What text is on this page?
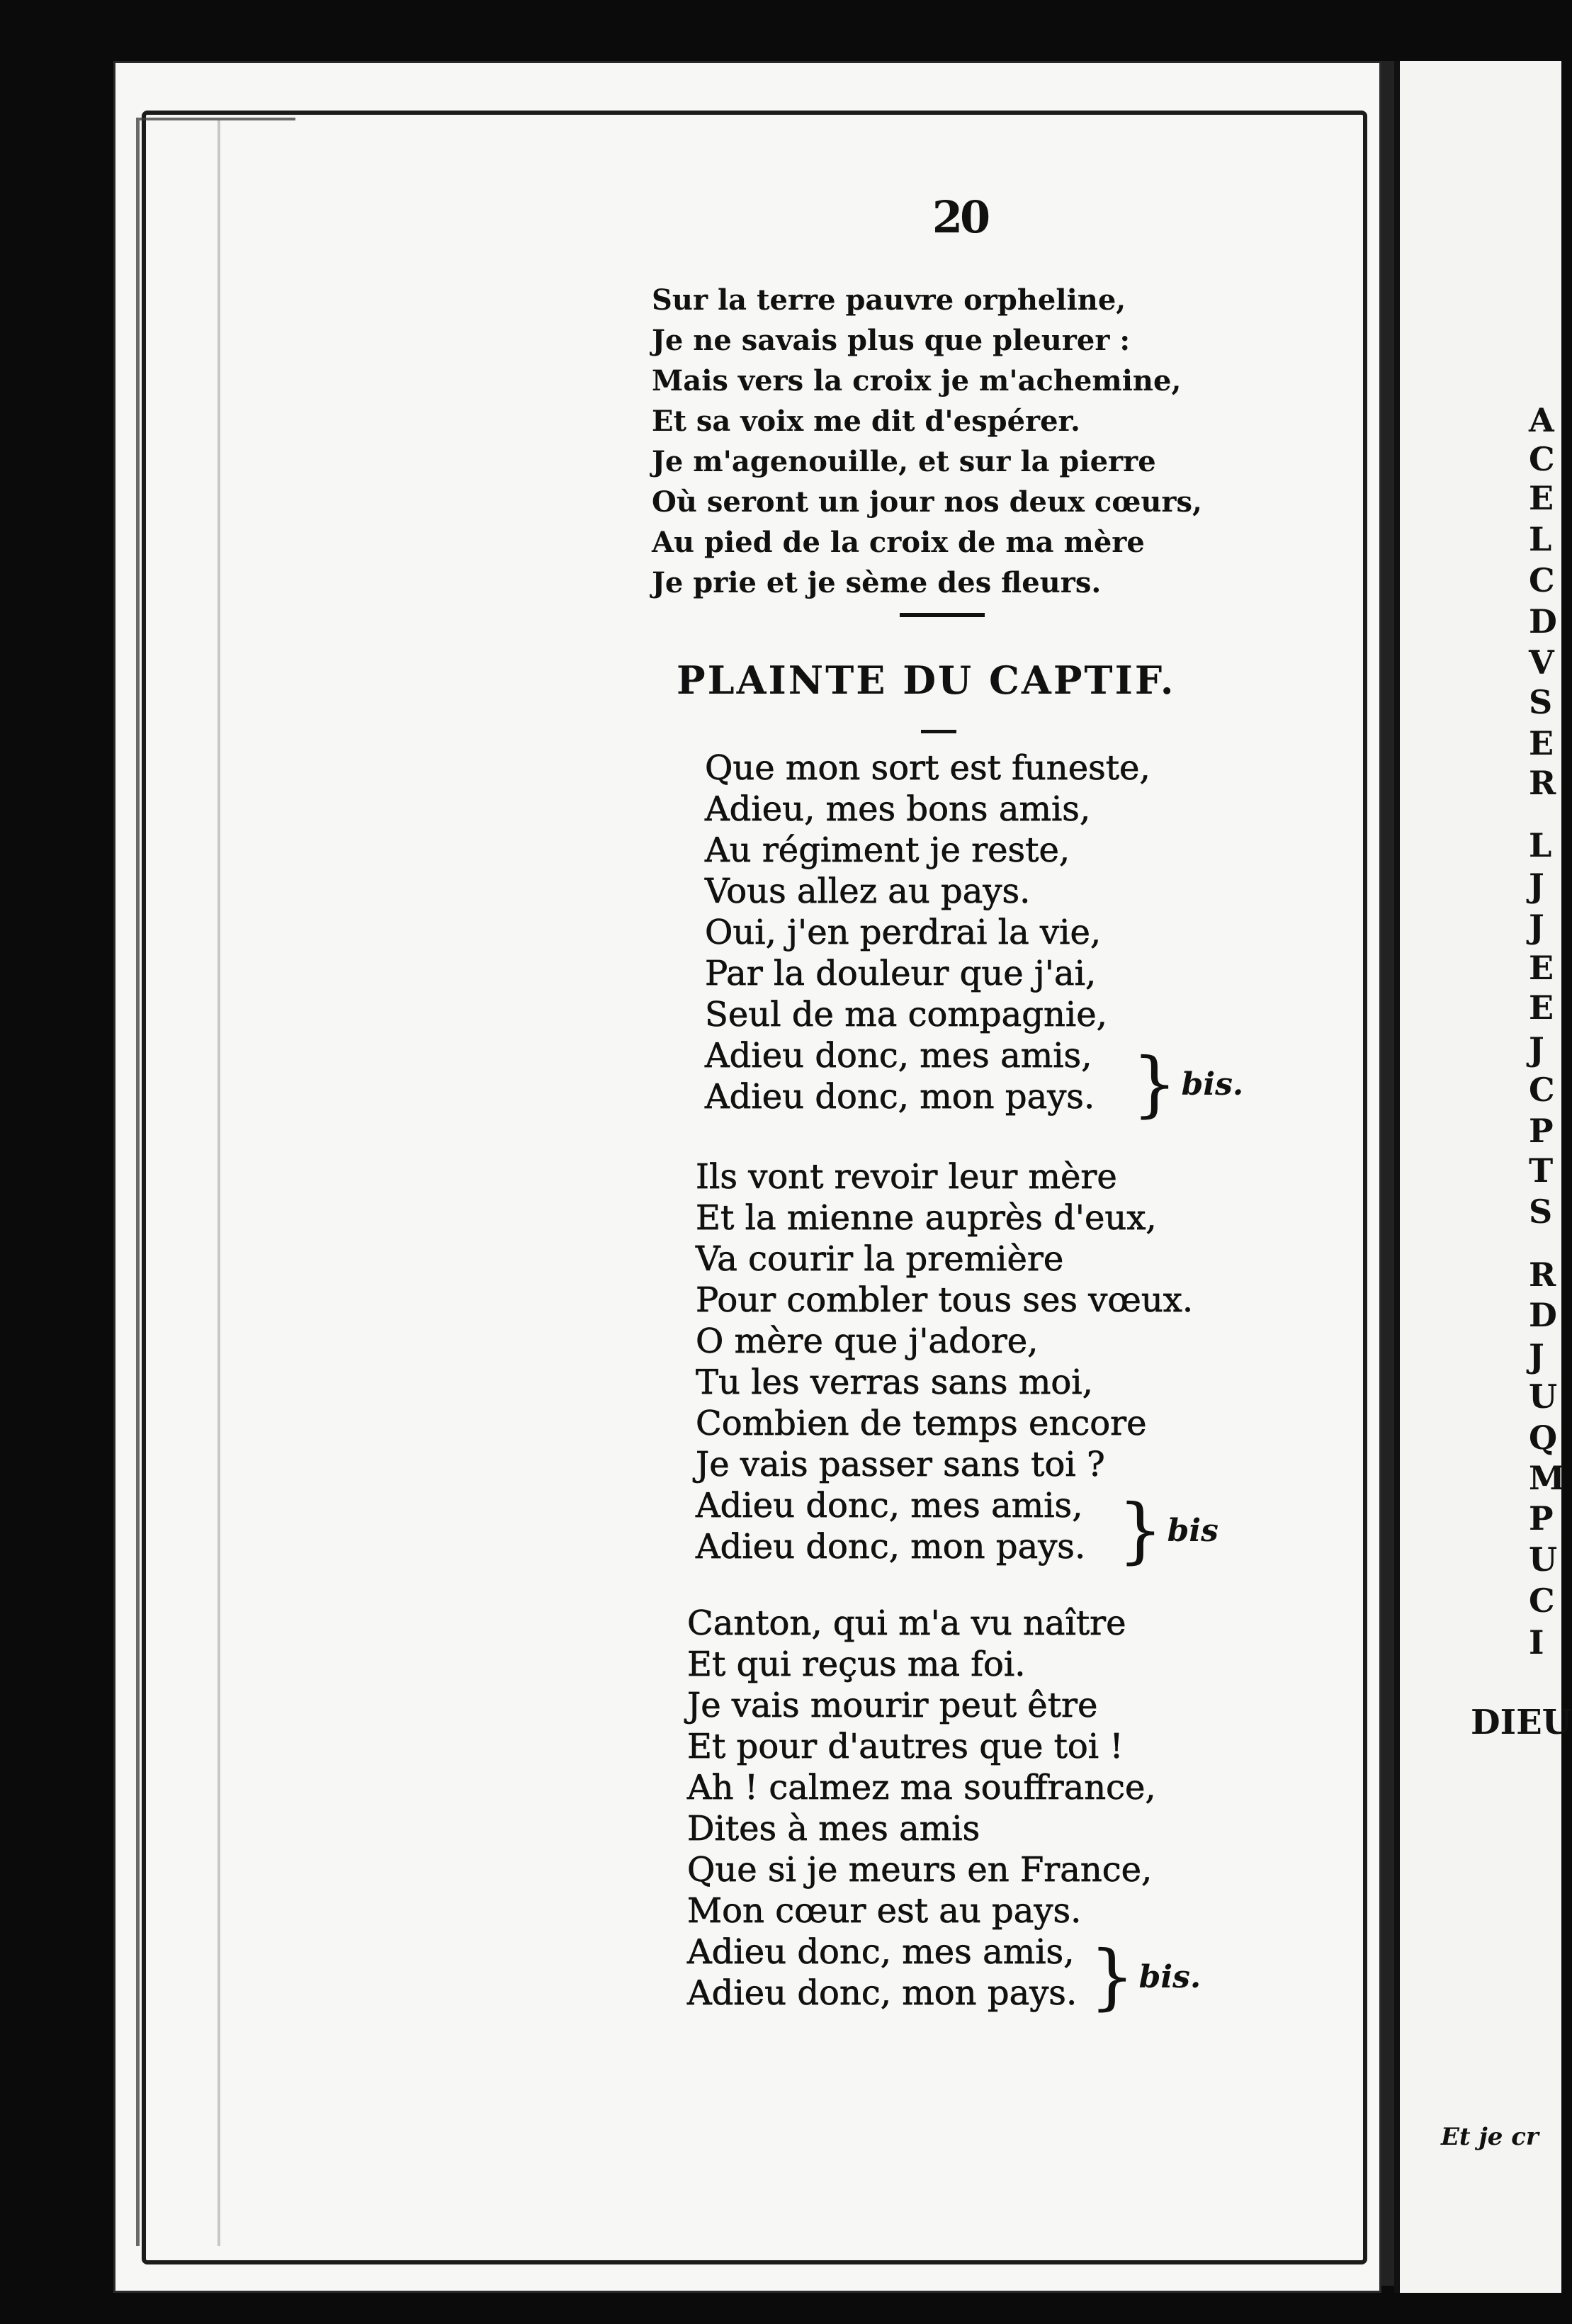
20
Sur la terre pauvre orpheline,
Je ne savais plus que pleurer :
Mais vers la croix je m'achemine,
Et sa voix me dit d'espérer.
Je m'agenouille, et sur la pierre
Où seront un jour nos deux cœurs,
Au pied de la croix de ma mère
Je prie et je sème des fleurs.
PLAINTE DU CAPTIF.
Que mon sort est funeste,
Adieu, mes bons amis,
Au régiment je reste,
Vous allez au pays.
Oui, j'en perdrai la vie,
Par la douleur que j'ai,
Seul de ma compagnie,
Adieu donc, mes amis,
Adieu donc, mon pays.
Ils vont revoir leur mère
Et la mienne auprès d'eux,
Va courir la première
Pour combler tous ses vœux.
O mère que j'adore,
Tu les verras sans moi,
Combien de temps encore
Je vais passer sans toi ?
Adieu donc, mes amis,
Adieu donc, mon pays.
Canton, qui m'a vu naître
Et qui reçus ma foi.
Je vais mourir peut être
Et pour d'autres que toi !
Ah ! calmez ma souffrance,
Dites à mes amis
Que si je meurs en France,
Mon cœur est au pays.
Adieu donc, mes amis,
Adieu donc, mon pays.
} bis.
} bis
} bis.
DIEU
Et je cr
A
C
E
L
C
D
V
S
E
R
L
J
J
E
E
J
C
P
T
S
R
D
J
U
Q
M
P
U
C
I
